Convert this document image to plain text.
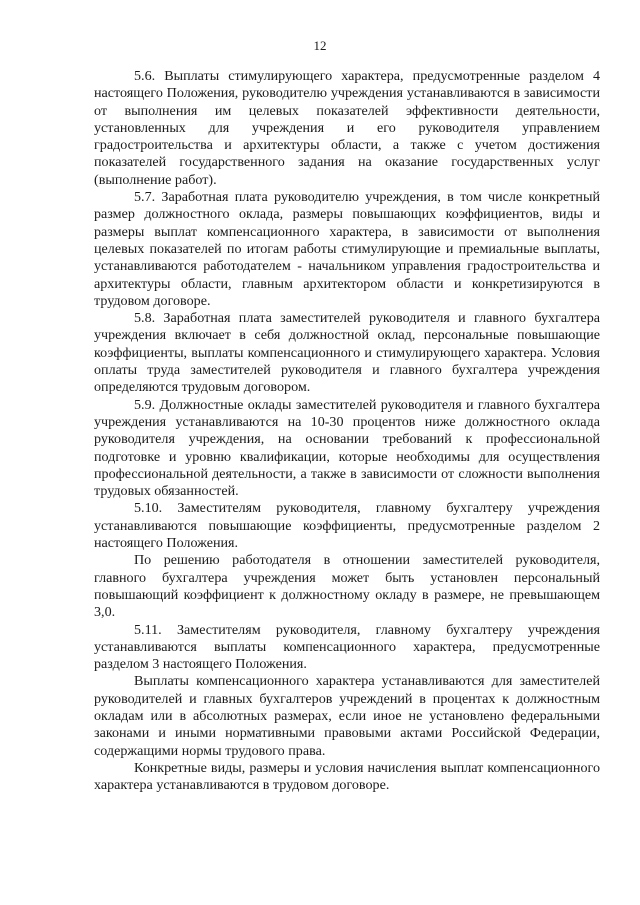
12

5.6. Выплаты стимулирующего характера, предусмотренные разделом 4 настоящего Положения, руководителю учреждения устанавливаются в зависимости от выполнения им целевых показателей эффективности деятельности, установленных для учреждения и его руководителя управлением градостроительства и архитектуры области, а также с учетом достижения показателей государственного задания на оказание государственных услуг (выполнение работ).

5.7. Заработная плата руководителю учреждения, в том числе конкретный размер должностного оклада, размеры повышающих коэффициентов, виды и размеры выплат компенсационного характера, в зависимости от выполнения целевых показателей по итогам работы стимулирующие и премиальные выплаты, устанавливаются работодателем - начальником управления градостроительства и архитектуры области, главным архитектором области и конкретизируются в трудовом договоре.

5.8. Заработная плата заместителей руководителя и главного бухгалтера учреждения включает в себя должностной оклад, персональные повышающие коэффициенты, выплаты компенсационного и стимулирующего характера. Условия оплаты труда заместителей руководителя и главного бухгалтера учреждения определяются трудовым договором.

5.9. Должностные оклады заместителей руководителя и главного бухгалтера учреждения устанавливаются на 10-30 процентов ниже должностного оклада руководителя учреждения, на основании требований к профессиональной подготовке и уровню квалификации, которые необходимы для осуществления профессиональной деятельности, а также в зависимости от сложности выполнения трудовых обязанностей.

5.10. Заместителям руководителя, главному бухгалтеру учреждения устанавливаются повышающие коэффициенты, предусмотренные разделом 2 настоящего Положения.

По решению работодателя в отношении заместителей руководителя, главного бухгалтера учреждения может быть установлен персональный повышающий коэффициент к должностному окладу в размере, не превышающем 3,0.

5.11. Заместителям руководителя, главному бухгалтеру учреждения устанавливаются выплаты компенсационного характера, предусмотренные разделом 3 настоящего Положения.

Выплаты компенсационного характера устанавливаются для заместителей руководителей и главных бухгалтеров учреждений в процентах к должностным окладам или в абсолютных размерах, если иное не установлено федеральными законами и иными нормативными правовыми актами Российской Федерации, содержащими нормы трудового права.

Конкретные виды, размеры и условия начисления выплат компенсационного характера устанавливаются в трудовом договоре.
